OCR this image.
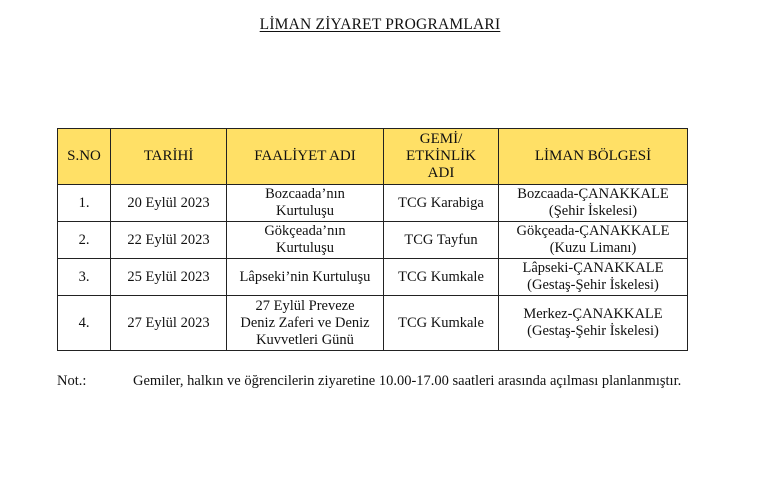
LİMAN ZİYARET PROGRAMLARI
S.NO	TARİHİ	FAALİYET ADI	GEMİ/
ETKİNLİK
ADI	LİMAN BÖLGESİ
1.	20 Eylül 2023	Bozcaada’nın
Kurtuluşu	TCG Karabiga	Bozcaada-ÇANAKKALE
(Şehir İskelesi)
2.	22 Eylül 2023	Gökçeada’nın
Kurtuluşu	TCG Tayfun	Gökçeada-ÇANAKKALE
(Kuzu Limanı)
3.	25 Eylül 2023	Lâpseki’nin Kurtuluşu	TCG Kumkale	Lâpseki-ÇANAKKALE
(Gestaş-Şehir İskelesi)
4.	27 Eylül 2023	27 Eylül Preveze
Deniz Zaferi ve Deniz
Kuvvetleri Günü	TCG Kumkale	Merkez-ÇANAKKALE
(Gestaş-Şehir İskelesi)
Not.:	Gemiler, halkın ve öğrencilerin ziyaretine 10.00-17.00 saatleri arasında açılması planlanmıştır.
